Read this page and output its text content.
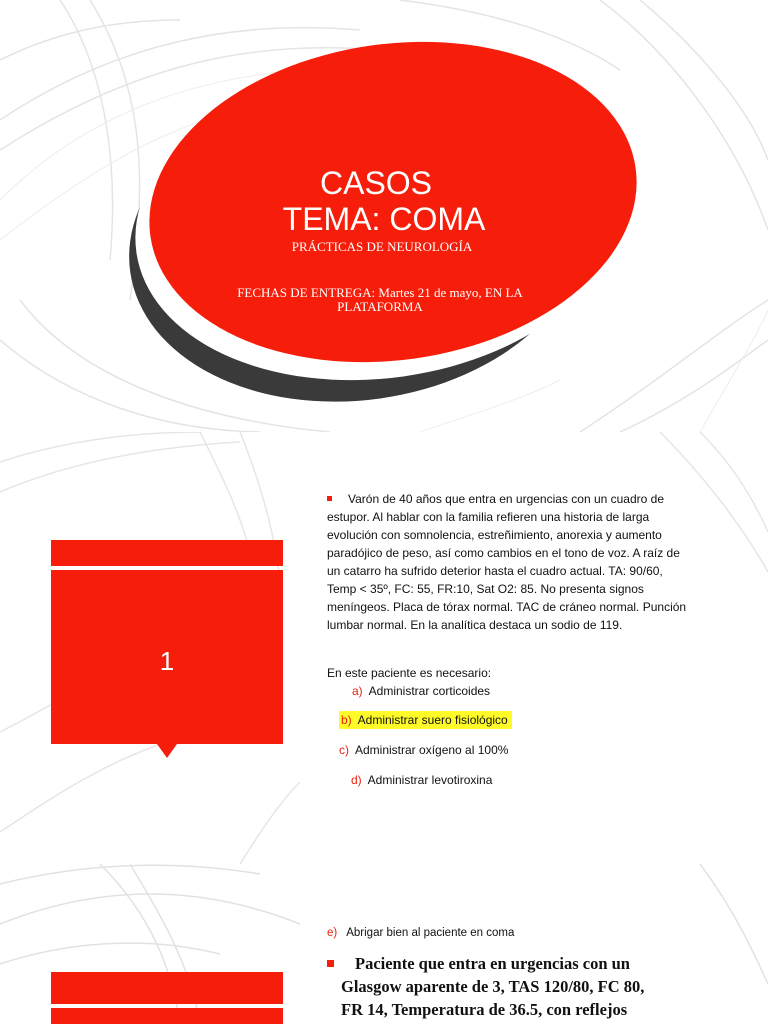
CASOS
TEMA: COMA
PRÁCTICAS DE NEUROLOGÍA
FECHAS DE ENTREGA: Martes 21 de mayo, EN LA
PLATAFORMA
1
Varón de 40 años que entra en urgencias con un cuadro de
estupor. Al hablar con la familia refieren una historia de larga
evolución con somnolencia, estreñimiento, anorexia y aumento
paradójico de peso, así como cambios en el tono de voz. A raíz de
un catarro ha sufrido deterior hasta el cuadro actual. TA: 90/60,
Temp < 35º, FC: 55, FR:10, Sat O2: 85. No presenta signos
meníngeos. Placa de tórax normal. TAC de cráneo normal. Punción
lumbar normal. En la analítica destaca un sodio de 119.
En este paciente es necesario:
a) Administrar corticoides
b) Administrar suero fisiológico
c) Administrar oxígeno al 100%
d) Administrar levotiroxina
e) Abrigar bien al paciente en coma
Paciente que entra en urgencias con un
Glasgow aparente de 3, TAS 120/80, FC 80,
FR 14, Temperatura de 36.5, con reflejos
